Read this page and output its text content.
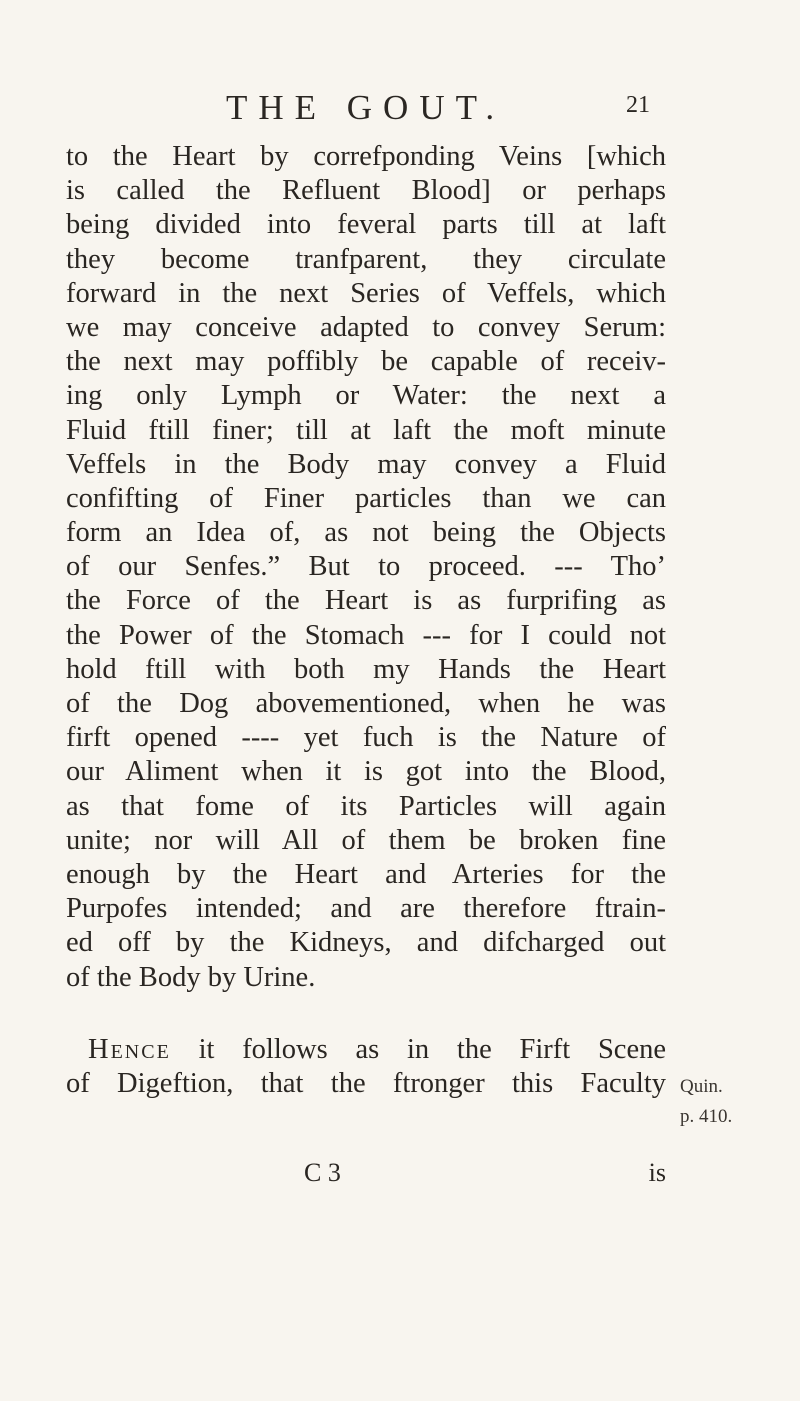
THE GOUT.	21
to the Heart by correfponding Veins [which
is called the Refluent Blood] or perhaps
being divided into feveral parts till at laft
they become tranfparent, they circulate
forward in the next Series of Veffels, which
we may conceive adapted to convey Serum:
the next may poffibly be capable of receiv-
ing only Lymph or Water: the next a
Fluid ftill finer; till at laft the moft minute
Veffels in the Body may convey a Fluid
confifting of Finer particles than we can
form an Idea of, as not being the Objects
of our Senfes.” But to proceed. --- Tho’
the Force of the Heart is as furprifing as
the Power of the Stomach --- for I could not
hold ftill with both my Hands the Heart
of the Dog abovementioned, when he was
firft opened ---- yet fuch is the Nature of
our Aliment when it is got into the Blood,
as that fome of its Particles will again
unite; nor will All of them be broken fine
enough by the Heart and Arteries for the
Purpofes intended; and are therefore ftrain-
ed off by the Kidneys, and difcharged out
of the Body by Urine.
Hence it follows as in the Firft Scene
of Digeftion, that the ftronger this Faculty Quin.
p. 410.
C 3	is
